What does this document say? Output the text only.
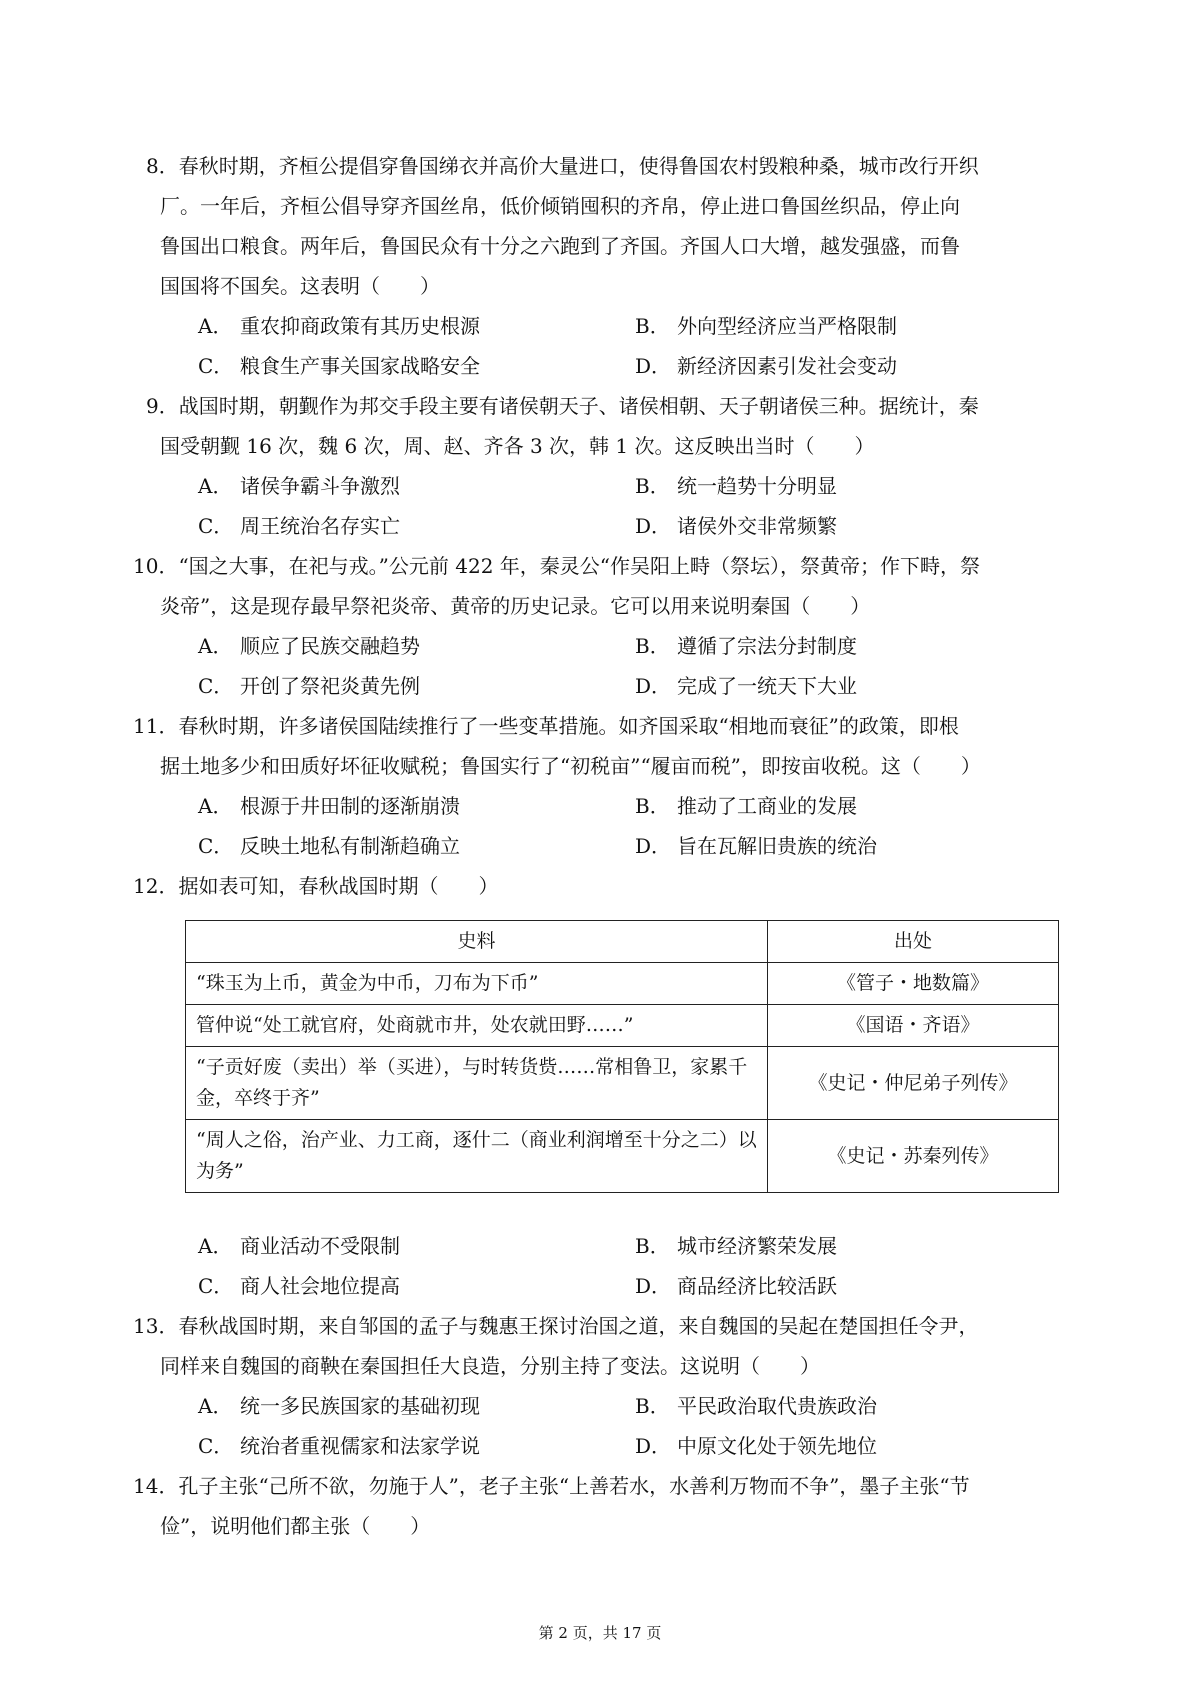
8．春秋时期，齐桓公提倡穿鲁国绨衣并高价大量进口，使得鲁国农村毁粮种桑，城市改行开织
厂。一年后，齐桓公倡导穿齐国丝帛，低价倾销囤积的齐帛，停止进口鲁国丝织品，停止向
鲁国出口粮食。两年后，鲁国民众有十分之六跑到了齐国。齐国人口大增，越发强盛，而鲁
国国将不国矣。这表明（　　）
A． 重农抑商政策有其历史根源	B． 外向型经济应当严格限制
C． 粮食生产事关国家战略安全	D． 新经济因素引发社会变动
9．战国时期，朝觐作为邦交手段主要有诸侯朝天子、诸侯相朝、天子朝诸侯三种。据统计，秦
国受朝觐 16 次，魏 6 次，周、赵、齐各 3 次，韩 1 次。这反映出当时（　　）
A． 诸侯争霸斗争激烈	B． 统一趋势十分明显
C． 周王统治名存实亡	D． 诸侯外交非常频繁
10．“国之大事，在祀与戎。”公元前 422 年，秦灵公“作吴阳上畤（祭坛），祭黄帝；作下畤，祭
炎帝”，这是现存最早祭祀炎帝、黄帝的历史记录。它可以用来说明秦国（　　）
A． 顺应了民族交融趋势	B． 遵循了宗法分封制度
C． 开创了祭祀炎黄先例	D． 完成了一统天下大业
11．春秋时期，许多诸侯国陆续推行了一些变革措施。如齐国采取“相地而衰征”的政策，即根
据土地多少和田质好坏征收赋税；鲁国实行了“初税亩”“履亩而税”，即按亩收税。这（　　）
A． 根源于井田制的逐渐崩溃	B． 推动了工商业的发展
C． 反映土地私有制渐趋确立	D． 旨在瓦解旧贵族的统治
12．据如表可知，春秋战国时期（　　）
史料	出处
“珠玉为上币，黄金为中币，刀布为下币”	《管子・地数篇》
管仲说“处工就官府，处商就市井，处农就田野……”	《国语・齐语》
“子贡好废（卖出）举（买进），与时转货赀……常相鲁卫，家累千金，卒终于齐”	《史记・仲尼弟子列传》
“周人之俗，治产业、力工商，逐什二（商业利润增至十分之二）以为务”	《史记・苏秦列传》
A． 商业活动不受限制	B． 城市经济繁荣发展
C． 商人社会地位提高	D． 商品经济比较活跃
13．春秋战国时期，来自邹国的孟子与魏惠王探讨治国之道，来自魏国的吴起在楚国担任令尹，
同样来自魏国的商鞅在秦国担任大良造，分别主持了变法。这说明（　　）
A． 统一多民族国家的基础初现	B． 平民政治取代贵族政治
C． 统治者重视儒家和法家学说	D． 中原文化处于领先地位
14．孔子主张“己所不欲，勿施于人”，老子主张“上善若水，水善利万物而不争”，墨子主张“节
俭”，说明他们都主张（　　）
第 2 页，共 17 页
